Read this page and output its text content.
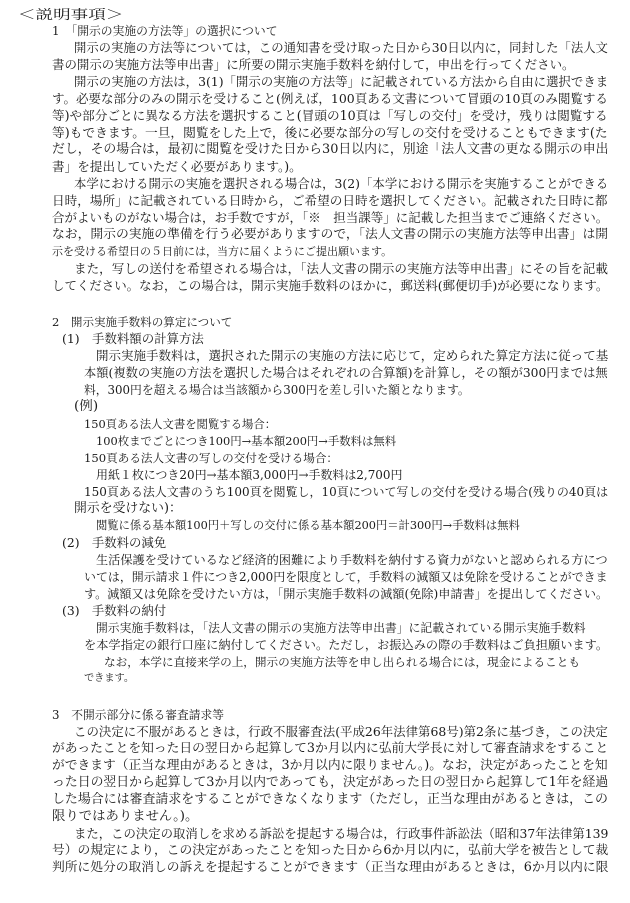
＜説明事項＞
1　「開示の実施の方法等」の選択について
開示の実施の方法等については，この通知書を受け取った日から30日以内に，同封した「法人文
書の開示の実施方法等申出書」に所要の開示実施手数料を納付して，申出を行ってください。
開示の実施の方法は，3(1)「開示の実施の方法等」に記載されている方法から自由に選択できま
す。必要な部分のみの開示を受けること(例えば，100頁ある文書について冒頭の10頁のみ閲覧する
等)や部分ごとに異なる方法を選択すること(冒頭の10頁は「写しの交付」を受け，残りは閲覧する
等)もできます。一旦，閲覧をした上で，後に必要な部分の写しの交付を受けることもできます(た
だし，その場合は，最初に閲覧を受けた日から30日以内に，別途「法人文書の更なる開示の申出
書」を提出していただく必要があります。)。
本学における開示の実施を選択される場合は，3(2)「本学における開示を実施することができる
日時，場所」に記載されている日時から，ご希望の日時を選択してください。記載された日時に都
合がよいものがない場合は，お手数ですが，「※　担当課等」に記載した担当までご連絡ください。
なお，開示の実施の準備を行う必要がありますので，「法人文書の開示の実施方法等申出書」は開
示を受ける希望日の５日前には，当方に届くようにご提出願います。
また，写しの送付を希望される場合は，「法人文書の開示の実施方法等申出書」にその旨を記載
してください。なお，この場合は，開示実施手数料のほかに，郵送料(郵便切手)が必要になります。
2　開示実施手数料の算定について
(1)　手数料額の計算方法
開示実施手数料は，選択された開示の実施の方法に応じて，定められた算定方法に従って基
本額(複数の実施の方法を選択した場合はそれぞれの合算額)を計算し，その額が300円までは無
料，300円を超える場合は当該額から300円を差し引いた額となります。
(例)
150頁ある法人文書を閲覧する場合：
100枚までごとにつき100円→基本額200円→手数料は無料
150頁ある法人文書の写しの交付を受ける場合：
用紙１枚につき20円→基本額3,000円→手数料は2,700円
150頁ある法人文書のうち100頁を閲覧し，10頁について写しの交付を受ける場合(残りの40頁は
開示を受けない)：
閲覧に係る基本額100円＋写しの交付に係る基本額200円＝計300円→手数料は無料
(2)　手数料の減免
生活保護を受けているなど経済的困難により手数料を納付する資力がないと認められる方につ
いては，開示請求１件につき2,000円を限度として，手数料の減額又は免除を受けることができま
す。減額又は免除を受けたい方は，「開示実施手数料の減額(免除)申請書」を提出してください。
(3)　手数料の納付
開示実施手数料は，「法人文書の開示の実施方法等申出書」に記載されている開示実施手数料
を本学指定の銀行口座に納付してください。ただし，お振込みの際の手数料はご負担願います。
なお，本学に直接来学の上，開示の実施方法等を申し出られる場合には，現金によることも
できます。
3　不開示部分に係る審査請求等
この決定に不服があるときは，行政不服審査法(平成26年法律第68号)第2条に基づき，この決定
があったことを知った日の翌日から起算して3か月以内に弘前大学長に対して審査請求をすること
ができます（正当な理由があるときは，3か月以内に限りません。)。なお，決定があったことを知
った日の翌日から起算して3か月以内であっても，決定があった日の翌日から起算して1年を経過
した場合には審査請求をすることができなくなります（ただし，正当な理由があるときは，この
限りではありません。)。
また，この決定の取消しを求める訴訟を提起する場合は，行政事件訴訟法（昭和37年法律第139
号）の規定により，この決定があったことを知った日から6か月以内に，弘前大学を被告として裁
判所に処分の取消しの訴えを提起することができます（正当な理由があるときは，6か月以内に限
